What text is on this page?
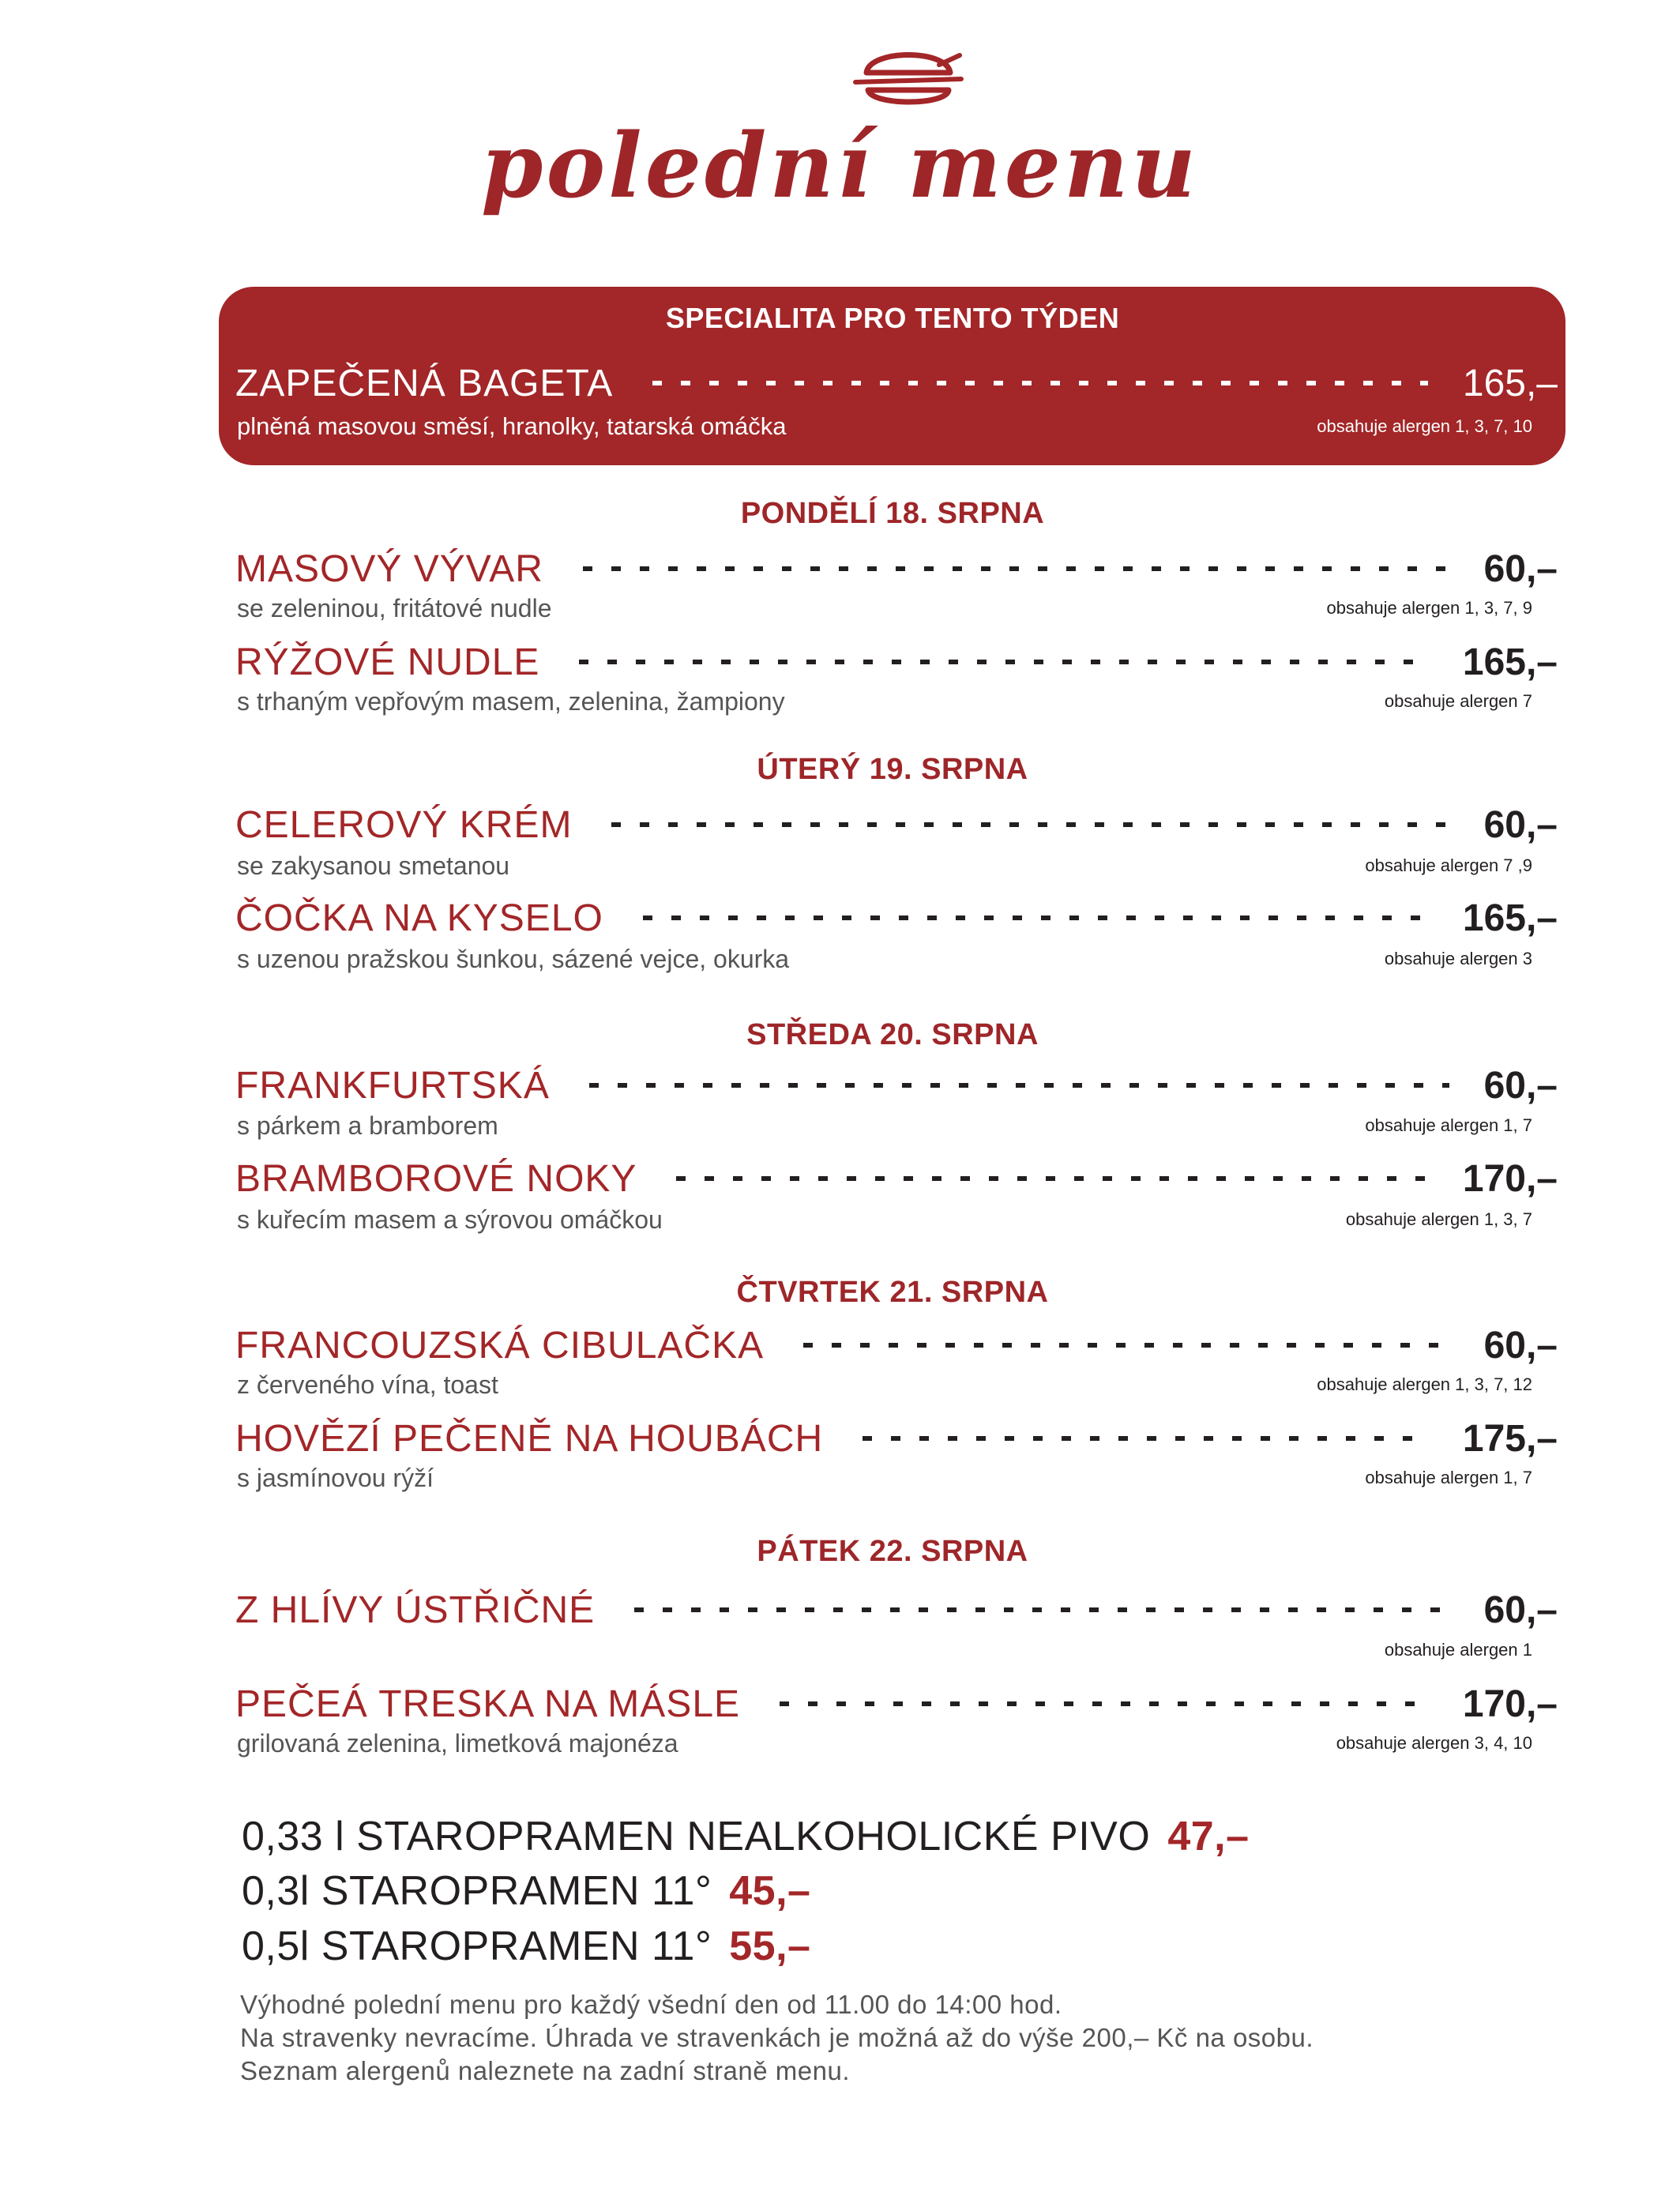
polední menu
SPECIALITA PRO TENTO TÝDEN
ZAPEČENÁ BAGETA	165,–
plněná masovou směsí, hranolky, tatarská omáčka	obsahuje alergen 1, 3, 7, 10
PONDĚLÍ 18. SRPNA
MASOVÝ VÝVAR	60,–
se zeleninou, fritátové nudle	obsahuje alergen 1, 3, 7, 9
RÝŽOVÉ NUDLE	165,–
s trhaným vepřovým masem, zelenina, žampiony	obsahuje alergen 7
ÚTERÝ 19. SRPNA
CELEROVÝ KRÉM	60,–
se zakysanou smetanou	obsahuje alergen 7 ,9
ČOČKA NA KYSELO	165,–
s uzenou pražskou šunkou, sázené vejce, okurka	obsahuje alergen 3
STŘEDA 20. SRPNA
FRANKFURTSKÁ	60,–
s párkem a bramborem	obsahuje alergen 1, 7
BRAMBOROVÉ NOKY	170,–
s kuřecím masem a sýrovou omáčkou	obsahuje alergen 1, 3, 7
ČTVRTEK 21. SRPNA
FRANCOUZSKÁ CIBULAČKA	60,–
z červeného vína, toast	obsahuje alergen 1, 3, 7, 12
HOVĚZÍ PEČENĚ NA HOUBÁCH	175,–
s jasmínovou rýží	obsahuje alergen 1, 7
PÁTEK 22. SRPNA
Z HLÍVY ÚSTŘIČNÉ	60,–
obsahuje alergen 1
PEČEÁ TRESKA NA MÁSLE	170,–
grilovaná zelenina, limetková majonéza	obsahuje alergen 3, 4, 10
0,33 l STAROPRAMEN NEALKOHOLICKÉ PIVO 47,–
0,3l STAROPRAMEN 11° 45,–
0,5l STAROPRAMEN 11° 55,–
Výhodné polední menu pro každý všední den od 11.00 do 14:00 hod.
Na stravenky nevracíme. Úhrada ve stravenkách je možná až do výše 200,– Kč na osobu.
Seznam alergenů naleznete na zadní straně menu.
